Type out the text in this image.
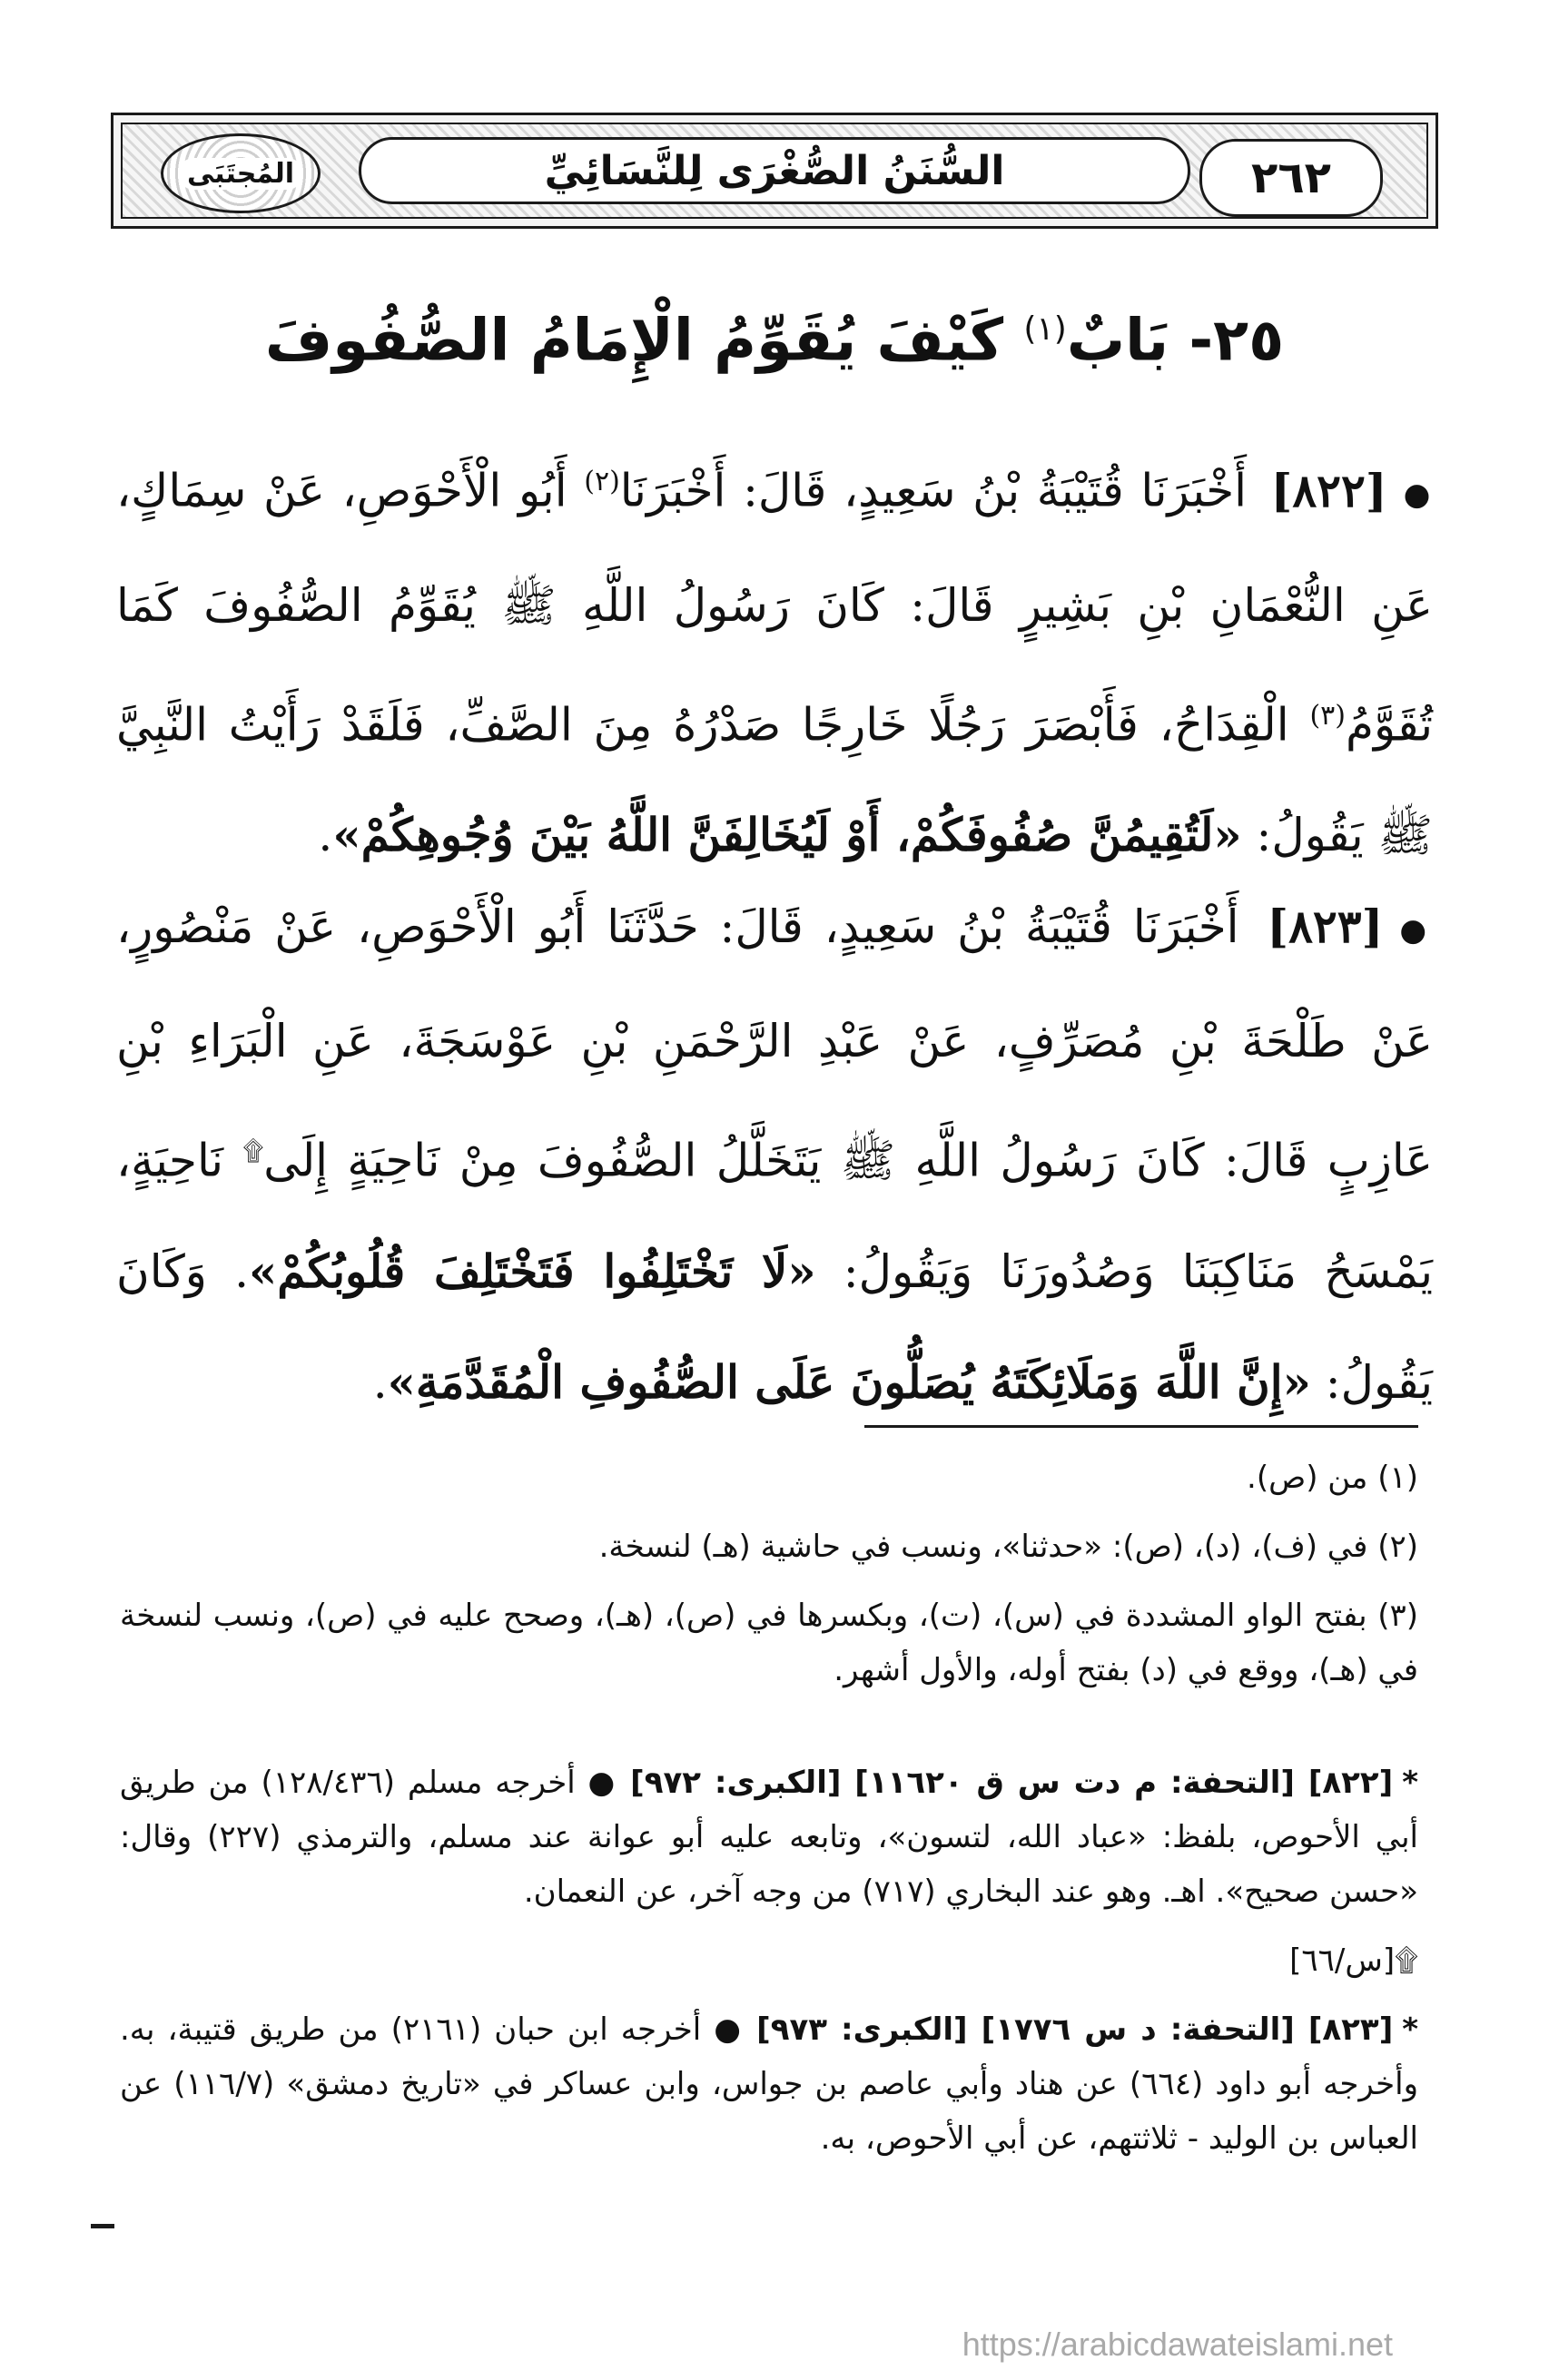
المُجتَبَى	السُّنَنُ الصُّغْرَى لِلنَّسَائِيِّ	٢٦٢
٢٥- بَابٌ$^{(١)}$ كَيْفَ يُقَوِّمُ الْإِمَامُ الصُّفُوفَ

●[٨٢٢] أَخْبَرَنَا قُتَيْبَةُ بْنُ سَعِيدٍ، قَالَ: أَخْبَرَنَا$^{(٢)}$ أَبُو الْأَحْوَصِ، عَنْ سِمَاكٍ، عَنِ النُّعْمَانِ بْنِ بَشِيرٍ قَالَ: كَانَ رَسُولُ اللَّهِ ﷺ يُقَوِّمُ الصُّفُوفَ كَمَا تُقَوَّمُ$^{(٣)}$ الْقِدَاحُ، فَأَبْصَرَ رَجُلًا خَارِجًا صَدْرُهُ مِنَ الصَّفِّ، فَلَقَدْ رَأَيْتُ النَّبِيَّ ﷺ يَقُولُ: «لَتُقِيمُنَّ صُفُوفَكُمْ، أَوْ لَيُخَالِفَنَّ اللَّهُ بَيْنَ وُجُوهِكُمْ».

●[٨٢٣] أَخْبَرَنَا قُتَيْبَةُ بْنُ سَعِيدٍ، قَالَ: حَدَّثَنَا أَبُو الْأَحْوَصِ، عَنْ مَنْصُورٍ، عَنْ طَلْحَةَ بْنِ مُصَرِّفٍ، عَنْ عَبْدِ الرَّحْمَنِ بْنِ عَوْسَجَةَ، عَنِ الْبَرَاءِ بْنِ عَازِبٍ قَالَ: كَانَ رَسُولُ اللَّهِ ﷺ يَتَخَلَّلُ الصُّفُوفَ مِنْ نَاحِيَةٍ إِلَى۩ نَاحِيَةٍ، يَمْسَحُ مَنَاكِبَنَا وَصُدُورَنَا وَيَقُولُ: «لَا تَخْتَلِفُوا فَتَخْتَلِفَ قُلُوبُكُمْ». وَكَانَ يَقُولُ: «إِنَّ اللَّهَ وَمَلَائِكَتَهُ يُصَلُّونَ عَلَى الصُّفُوفِ الْمُقَدَّمَةِ».

(١) من (ص).

(٢) في (ف)، (د)، (ص): «حدثنا»، ونسب في حاشية (هـ) لنسخة.

(٣) بفتح الواو المشددة في (س)، (ت)، وبكسرها في (ص)، (هـ)، وصحح عليه في (ص)، ونسب لنسخة في (هـ)، ووقع في (د) بفتح أوله، والأول أشهر.

*[٨٢٢] [التحفة: م دت س ق ١١٦٢٠] [الكبرى: ٩٧٢] ● أخرجه مسلم (١٢٨/٤٣٦) من طريق أبي الأحوص، بلفظ: «عباد الله، لتسون»، وتابعه عليه أبو عوانة عند مسلم، والترمذي (٢٢٧) وقال: «حسن صحيح». اهـ. وهو عند البخاري (٧١٧) من وجه آخر، عن النعمان.

۩[س/٦٦]

*[٨٢٣] [التحفة: د س ١٧٧٦] [الكبرى: ٩٧٣] ● أخرجه ابن حبان (٢١٦١) من طريق قتيبة، به. وأخرجه أبو داود (٦٦٤) عن هناد وأبي عاصم بن جواس، وابن عساكر في «تاريخ دمشق» (١١٦/٧) عن العباس بن الوليد - ثلاثتهم، عن أبي الأحوص، به.

https://arabicdawateislami.net
